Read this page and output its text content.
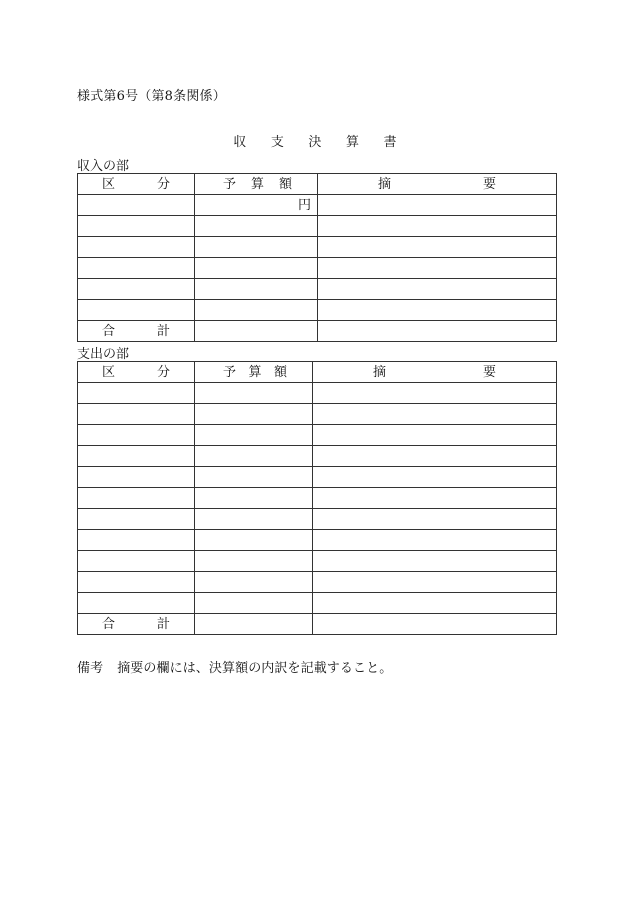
様式第6号（第8条関係）
収 支 決 算 書
収入の部
区 分	予 算 額	摘 要

	円	

合 計		

支出の部
区 分	予 算 額	摘 要

合 計		

備考 摘要の欄には、決算額の内訳を記載すること。
